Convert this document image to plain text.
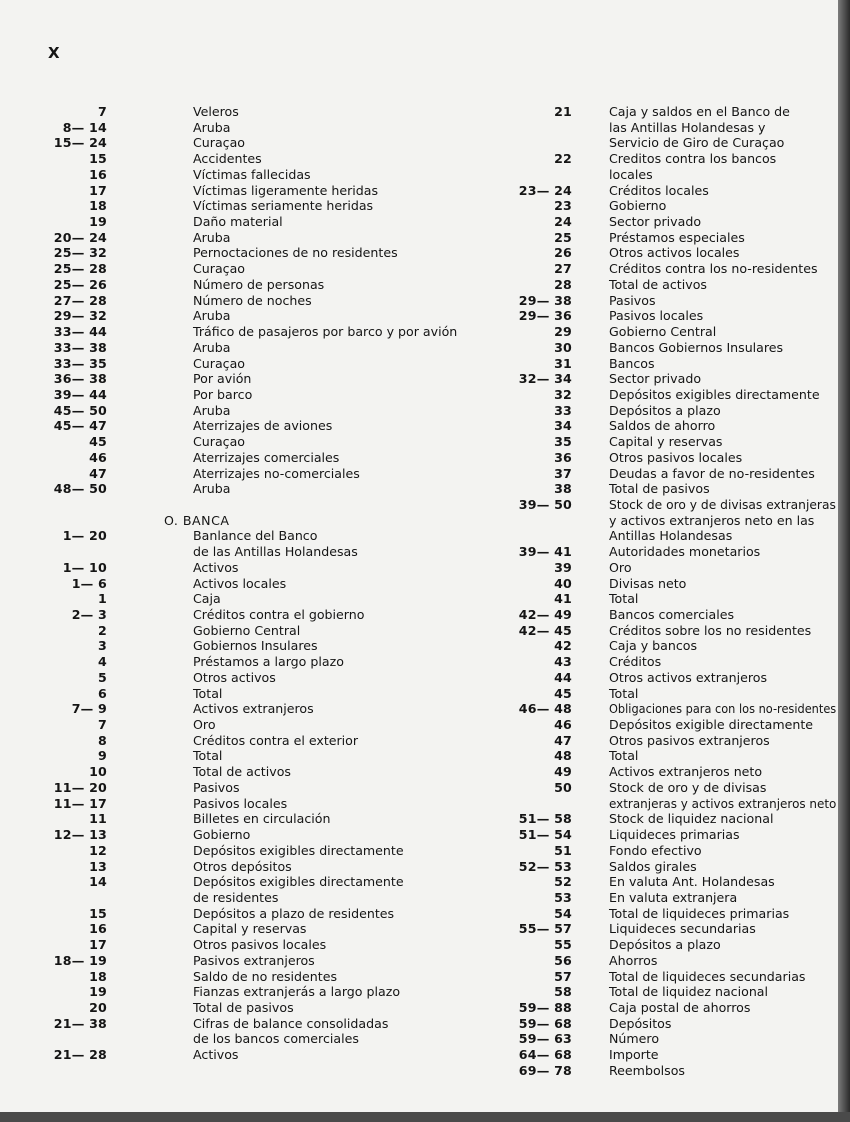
X
7	Veleros
8— 14	Aruba
15— 24	Curaçao
15	Accidentes
16	Víctimas fallecidas
17	Víctimas ligeramente heridas
18	Víctimas seriamente heridas
19	Daño material
20— 24	Aruba
25— 32	Pernoctaciones de no residentes
25— 28	Curaçao
25— 26	Número de personas
27— 28	Número de noches
29— 32	Aruba
33— 44	Tráfico de pasajeros por barco y por avión
33— 38	Aruba
33— 35	Curaçao
36— 38	Por avión
39— 44	Por barco
45— 50	Aruba
45— 47	Aterrizajes de aviones
45	Curaçao
46	Aterrizajes comerciales
47	Aterrizajes no-comerciales
48— 50	Aruba
O. BANCA
1— 20	Banlance del Banco
de las Antillas Holandesas
1— 10	Activos
1— 6	Activos locales
1	Caja
2— 3	Créditos contra el gobierno
2	Gobierno Central
3	Gobiernos Insulares
4	Préstamos a largo plazo
5	Otros activos
6	Total
7— 9	Activos extranjeros
7	Oro
8	Créditos contra el exterior
9	Total
10	Total de activos
11— 20	Pasivos
11— 17	Pasivos locales
11	Billetes en circulación
12— 13	Gobierno
12	Depósitos exigibles directamente
13	Otros depósitos
14	Depósitos exigibles directamente
de residentes
15	Depósitos a plazo de residentes
16	Capital y reservas
17	Otros pasivos locales
18— 19	Pasivos extranjeros
18	Saldo de no residentes
19	Fianzas extranjerás a largo plazo
20	Total de pasivos
21— 38	Cifras de balance consolidadas
de los bancos comerciales
21— 28	Activos
21	Caja y saldos en el Banco de
las Antillas Holandesas y
Servicio de Giro de Curaçao
22	Creditos contra los bancos
locales
23— 24	Créditos locales
23	Gobierno
24	Sector privado
25	Préstamos especiales
26	Otros activos locales
27	Créditos contra los no-residentes
28	Total de activos
29— 38	Pasivos
29— 36	Pasivos locales
29	Gobierno Central
30	Bancos Gobiernos Insulares
31	Bancos
32— 34	Sector privado
32	Depósitos exigibles directamente
33	Depósitos a plazo
34	Saldos de ahorro
35	Capital y reservas
36	Otros pasivos locales
37	Deudas a favor de no-residentes
38	Total de pasivos
39— 50	Stock de oro y de divisas extranjeras
y activos extranjeros neto en las
Antillas Holandesas
39— 41	Autoridades monetarios
39	Oro
40	Divisas neto
41	Total
42— 49	Bancos comerciales
42— 45	Créditos sobre los no residentes
42	Caja y bancos
43	Créditos
44	Otros activos extranjeros
45	Total
46— 48	Obligaciones para con los no-residentes
46	Depósitos exigible directamente
47	Otros pasivos extranjeros
48	Total
49	Activos extranjeros neto
50	Stock de oro y de divisas
extranjeras y activos extranjeros neto
51— 58	Stock de liquidez nacional
51— 54	Liquideces primarias
51	Fondo efectivo
52— 53	Saldos girales
52	En valuta Ant. Holandesas
53	En valuta extranjera
54	Total de liquideces primarias
55— 57	Liquideces secundarias
55	Depósitos a plazo
56	Ahorros
57	Total de liquideces secundarias
58	Total de liquidez nacional
59— 88	Caja postal de ahorros
59— 68	Depósitos
59— 63	Número
64— 68	Importe
69— 78	Reembolsos
